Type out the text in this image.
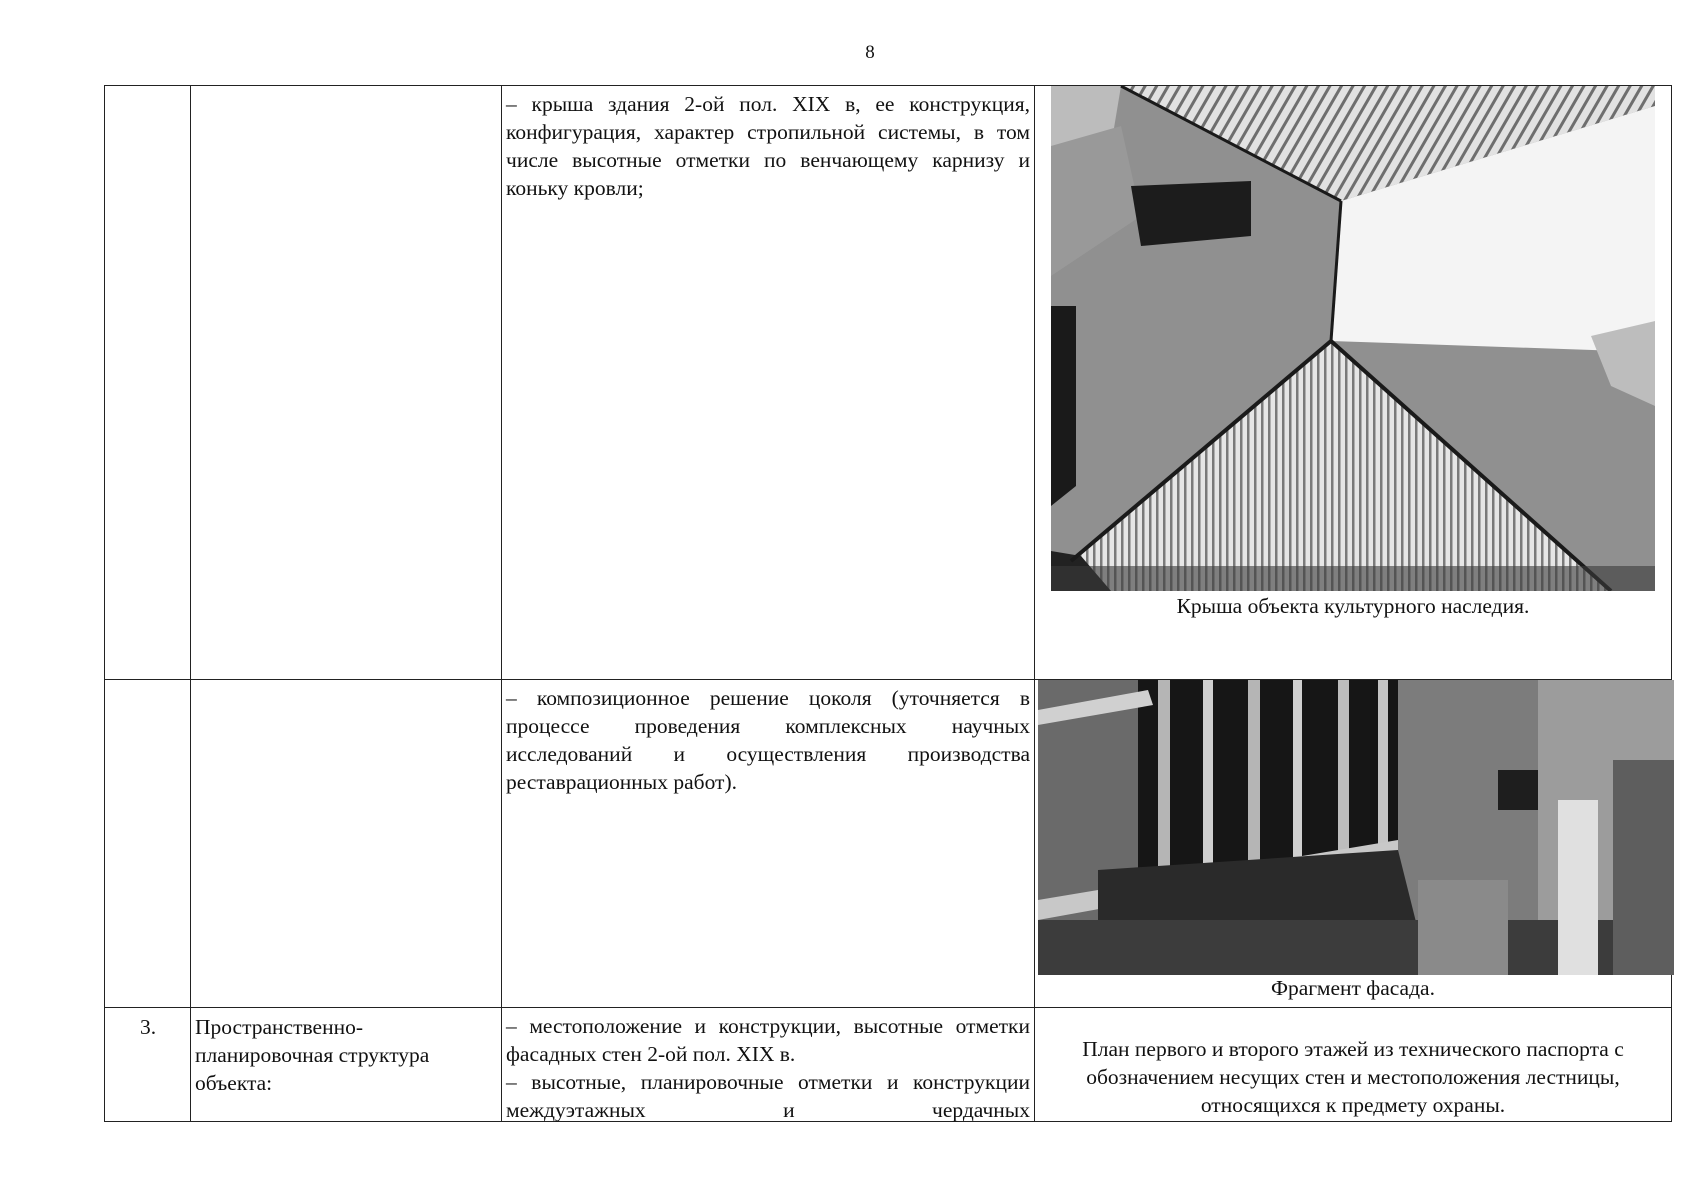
8
– крыша здания 2-ой пол. XIX в, ее конструкция, конфигурация, характер стропильной системы, в том числе высотные отметки по венчающему карнизу и коньку кровли;
Крыша объекта культурного наследия.
– композиционное решение цоколя (уточняется в процессе проведения комплексных научных исследований и осуществления производства реставрационных работ).
Фрагмент фасада.
3.	Пространственно-планировочная структура объекта:
– местоположение и конструкции, высотные отметки фасадных стен 2-ой пол. XIX в.
– высотные, планировочные отметки и конструкции междуэтажных и чердачных
План первого и второго этажей из технического паспорта с обозначением несущих стен и местоположения лестницы, относящихся к предмету охраны.
